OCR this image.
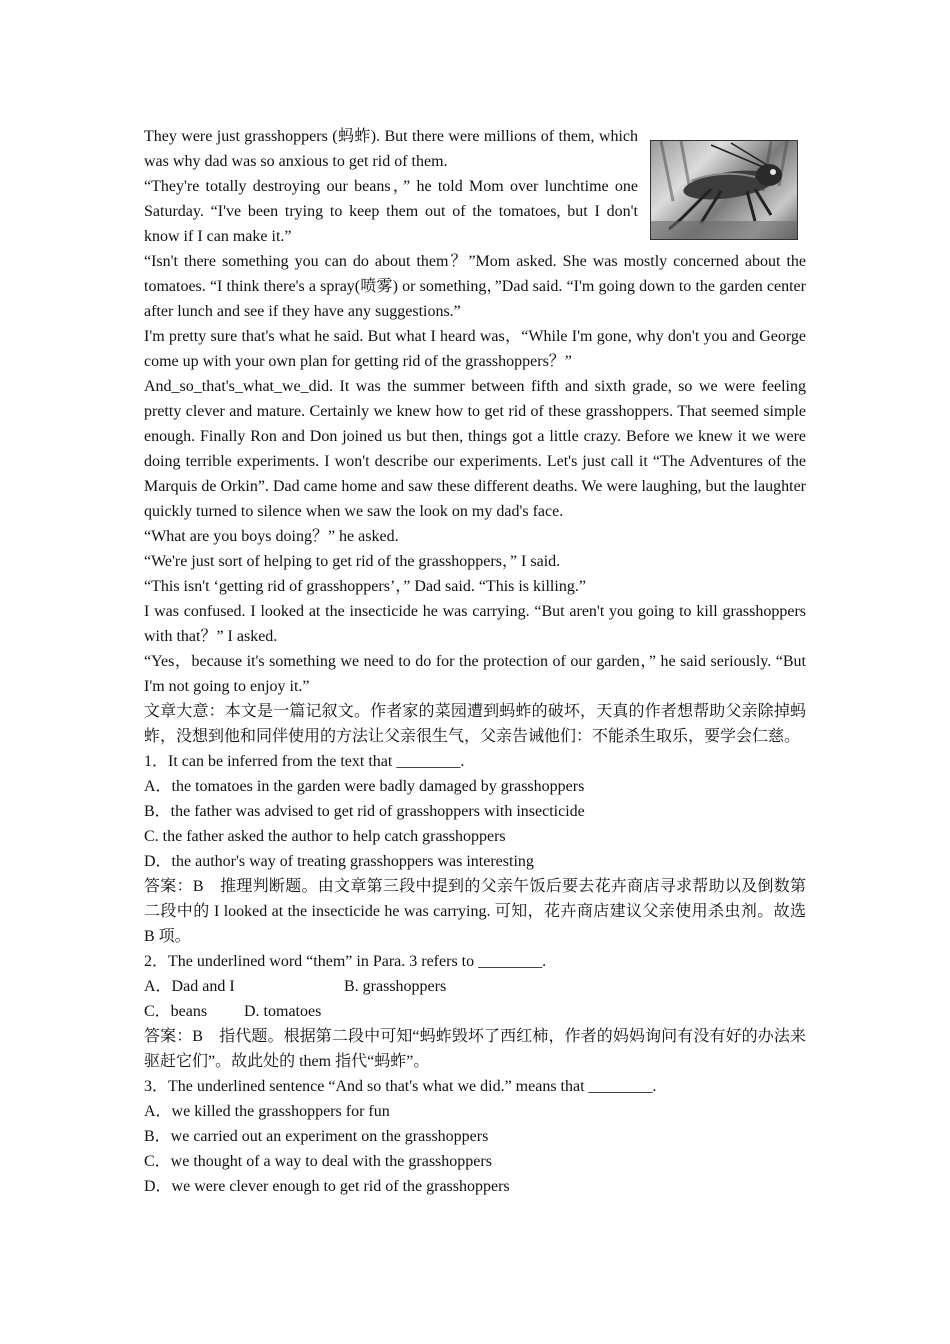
They were just grasshoppers (蚂蚱). But there were millions of them, which was why dad was so anxious to get rid of them.

“They're totally destroying our beans，” he told Mom over lunchtime one Saturday. “I've been trying to keep them out of the tomatoes, but I don't know if I can make it.”

“Isn't there something you can do about them？”Mom asked. She was mostly concerned about the tomatoes. “I think there's a spray(喷雾) or something，”Dad said. “I'm going down to the garden center after lunch and see if they have any suggestions.”

I'm pretty sure that's what he said. But what I heard was，“While I'm gone, why don't you and George come up with your own plan for getting rid of the grasshoppers？”

And_so_that's_what_we_did. It was the summer between fifth and sixth grade, so we were feeling pretty clever and mature. Certainly we knew how to get rid of these grasshoppers. That seemed simple enough. Finally Ron and Don joined us but then, things got a little crazy. Before we knew it we were doing terrible experiments. I won't describe our experiments. Let's just call it “The Adventures of the Marquis de Orkin”. Dad came home and saw these different deaths. We were laughing, but the laughter quickly turned to silence when we saw the look on my dad's face.

“What are you boys doing？” he asked.

“We're just sort of helping to get rid of the grasshoppers，” I said.

“This isn't ‘getting rid of grasshoppers’，” Dad said. “This is killing.”

I was confused. I looked at the insecticide he was carrying. “But aren't you going to kill grasshoppers with that？” I asked.

“Yes，because it's something we need to do for the protection of our garden，” he said seriously. “But I'm not going to enjoy it.”

文章大意：本文是一篇记叙文。作者家的菜园遭到蚂蚱的破坏，天真的作者想帮助父亲除掉蚂蚱，没想到他和同伴使用的方法让父亲很生气，父亲告诫他们：不能杀生取乐，要学会仁慈。

1．It can be inferred from the text that ________.

A．the tomatoes in the garden were badly damaged by grasshoppers

B．the father was advised to get rid of grasshoppers with insecticide

C. the father asked the author to help catch grasshoppers

D．the author's way of treating grasshoppers was interesting

答案：B　推理判断题。由文章第三段中提到的父亲午饭后要去花卉商店寻求帮助以及倒数第二段中的 I looked at the insecticide he was carrying. 可知，花卉商店建议父亲使用杀虫剂。故选 B 项。

2．The underlined word “them” in Para. 3 refers to ________.

A．Dad and I	B. grasshoppers

C．beans D. tomatoes

答案：B　指代题。根据第二段中可知“蚂蚱毁坏了西红柿，作者的妈妈询问有没有好的办法来驱赶它们”。故此处的 them 指代“蚂蚱”。

3．The underlined sentence “And so that's what we did.” means that ________.

A．we killed the grasshoppers for fun

B．we carried out an experiment on the grasshoppers

C．we thought of a way to deal with the grasshoppers

D．we were clever enough to get rid of the grasshoppers
